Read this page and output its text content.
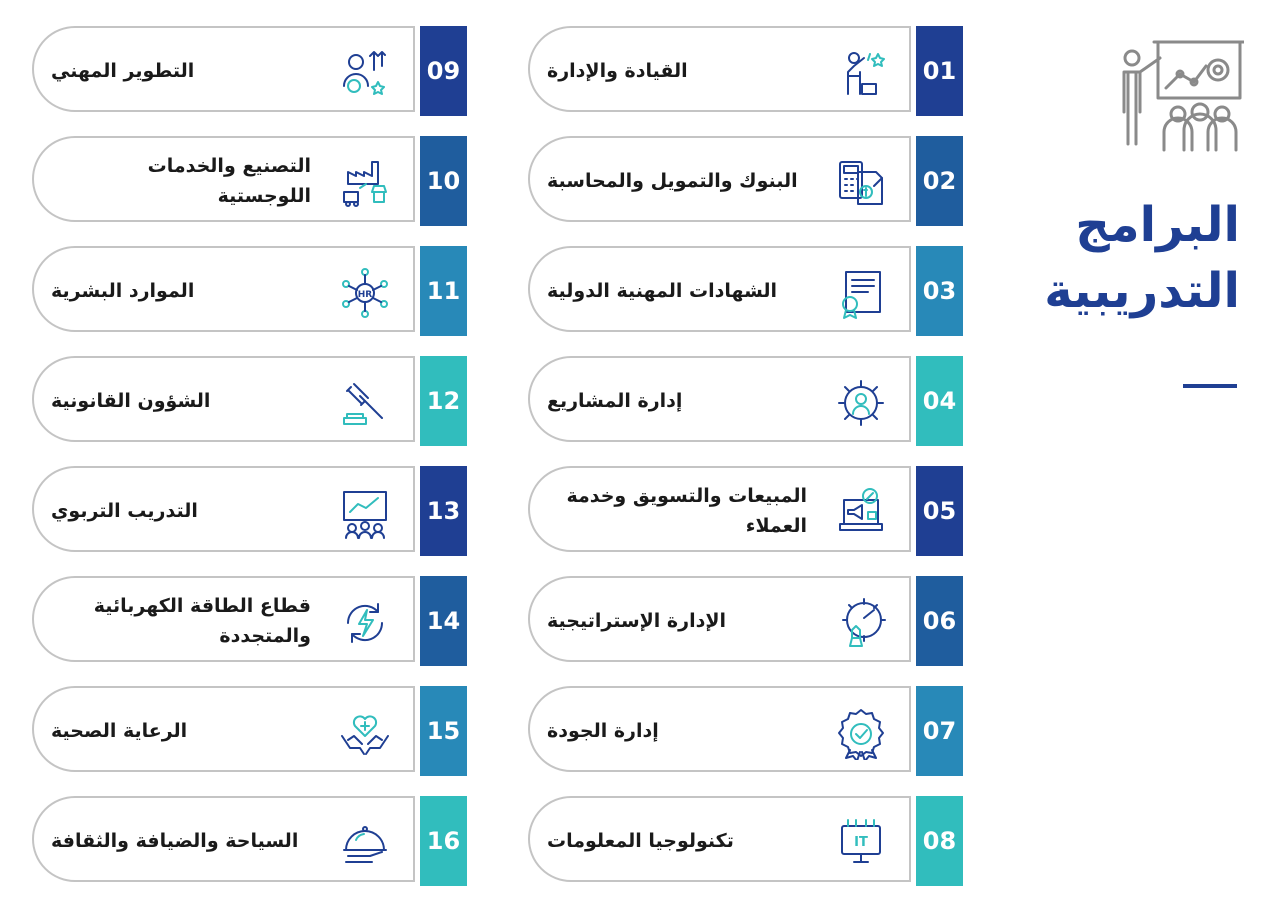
البرامج
التدريبية
القيادة والإدارة	01
البنوك والتمويل والمحاسبة	02
الشهادات المهنية الدولية	03
إدارة المشاريع	04
المبيعات والتسويق وخدمة العملاء
05
الإدارة الإستراتيجية	06
إدارة الجودة	07
IT
تكنولوجيا المعلومات	08
التطوير المهني	09
التصنيع والخدمات اللوجستية
10
HR
الموارد البشرية	11
الشؤون القانونية	12
التدريب التربوي	13
قطاع الطاقة الكهربائية والمتجددة
14
الرعاية الصحية	15
السياحة والضيافة والثقافة	16
